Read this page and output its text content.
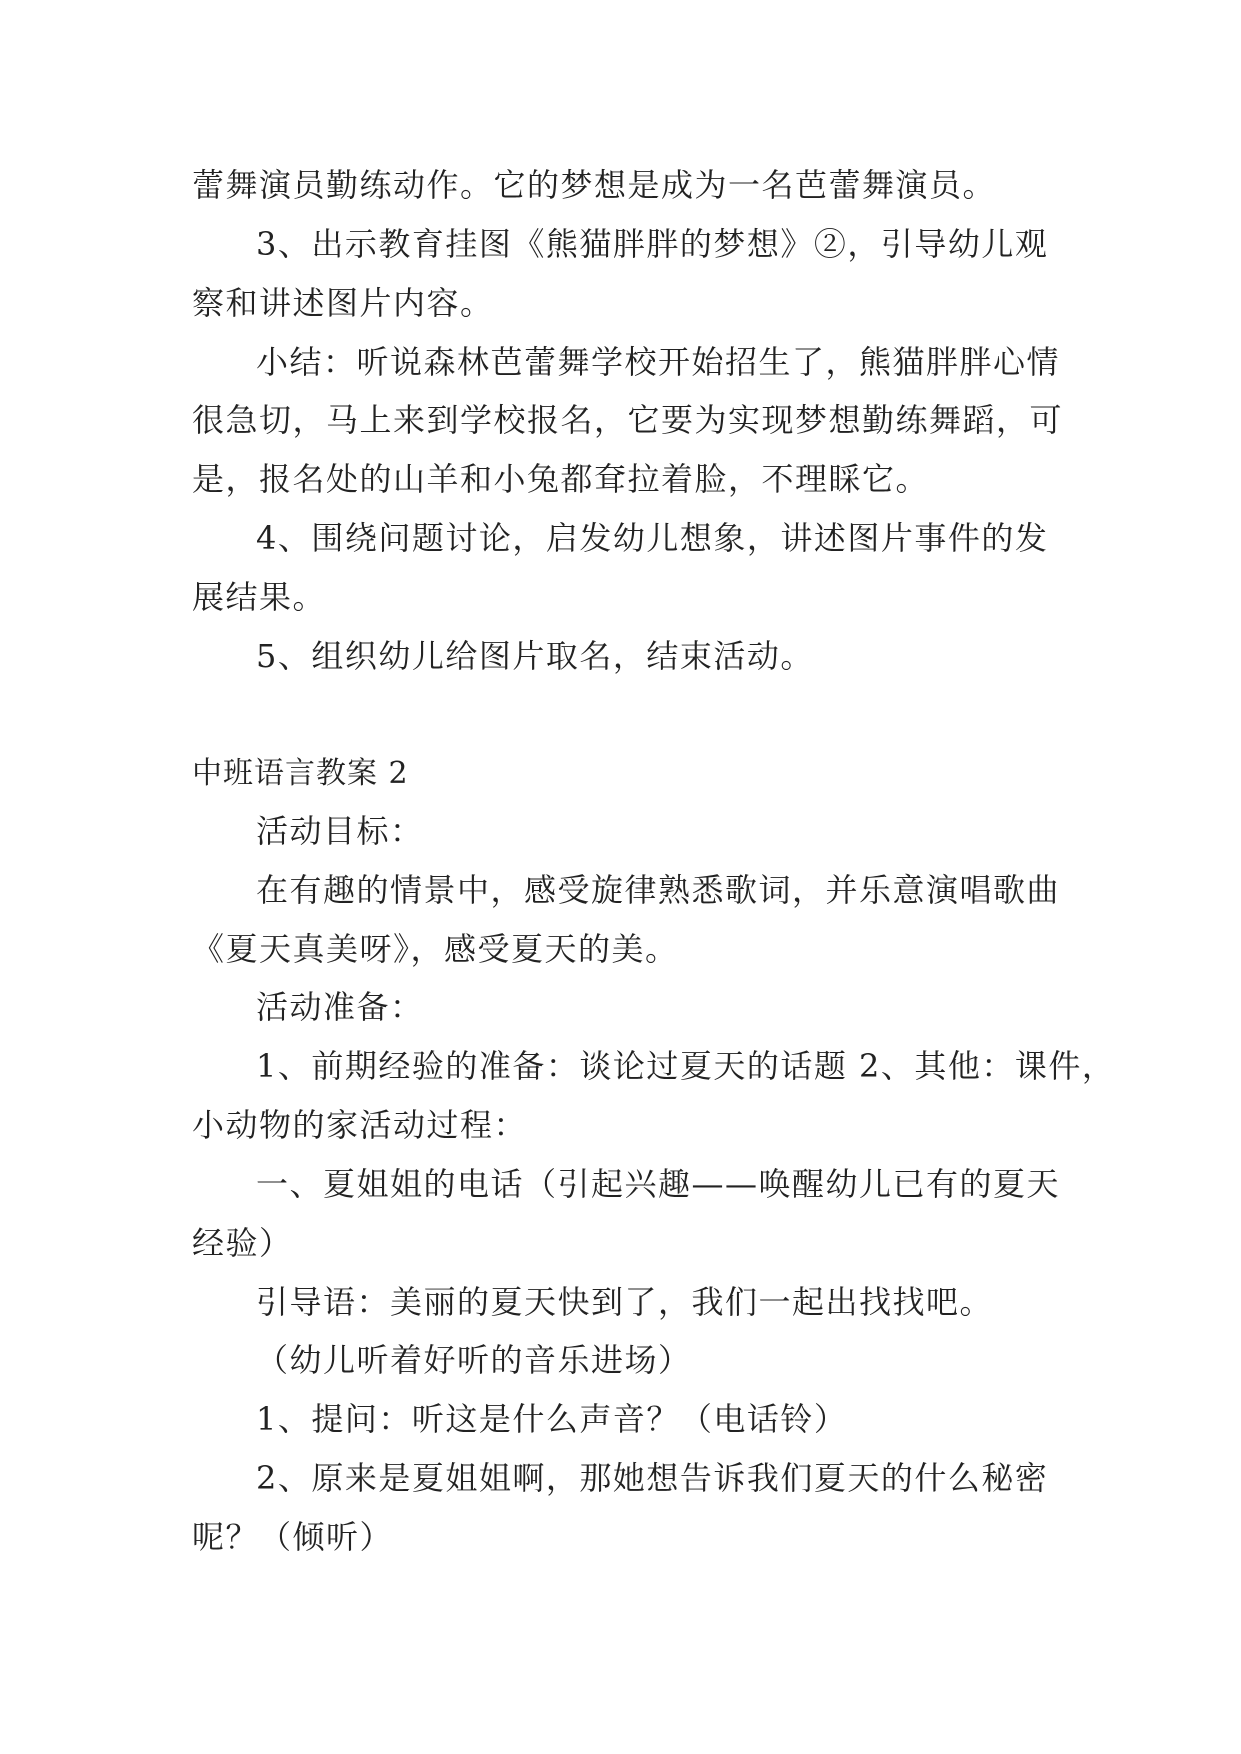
蕾舞演员勤练动作。它的梦想是成为一名芭蕾舞演员。
3、出示教育挂图《熊猫胖胖的梦想》②，引导幼儿观
察和讲述图片内容。
小结：听说森林芭蕾舞学校开始招生了，熊猫胖胖心情
很急切，马上来到学校报名，它要为实现梦想勤练舞蹈，可
是，报名处的山羊和小兔都耷拉着脸，不理睬它。
4、围绕问题讨论，启发幼儿想象，讲述图片事件的发
展结果。
5、组织幼儿给图片取名，结束活动。
中班语言教案 2
活动目标：
在有趣的情景中，感受旋律熟悉歌词，并乐意演唱歌曲
《夏天真美呀》，感受夏天的美。
活动准备：
1、前期经验的准备：谈论过夏天的话题 2、其他：课件，
小动物的家活动过程：
一、夏姐姐的电话（引起兴趣——唤醒幼儿已有的夏天
经验）
引导语：美丽的夏天快到了，我们一起出找找吧。
（幼儿听着好听的音乐进场）
1、提问：听这是什么声音？（电话铃）
2、原来是夏姐姐啊，那她想告诉我们夏天的什么秘密
呢？（倾听）
